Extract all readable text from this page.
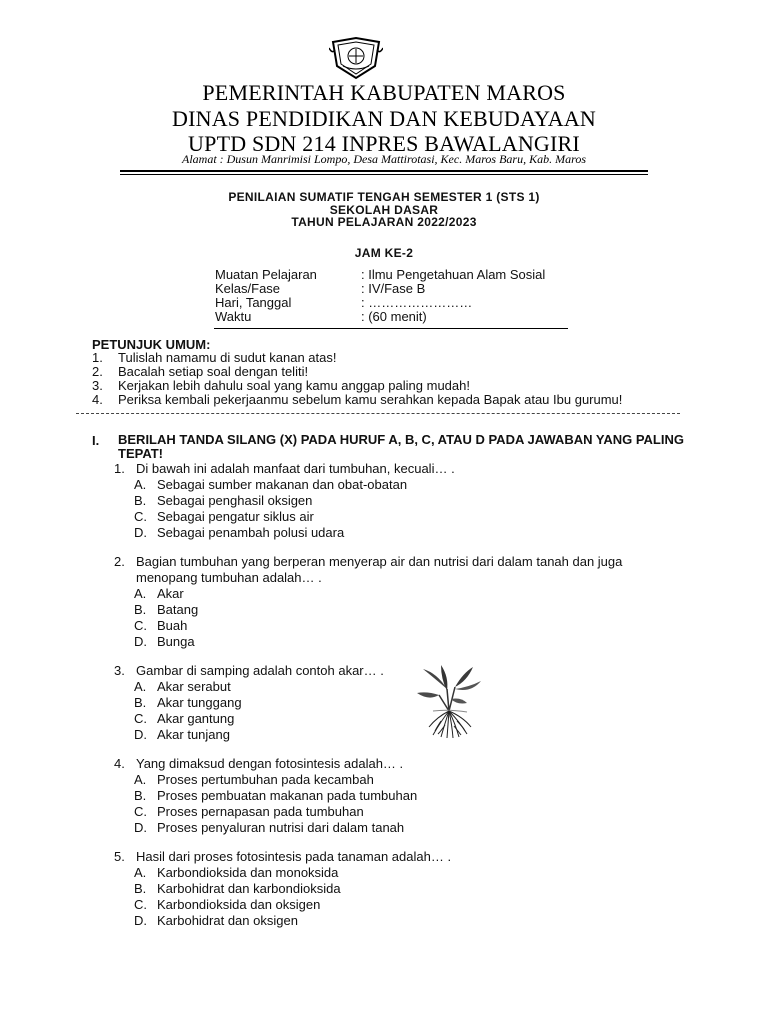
PEMERINTAH KABUPATEN MAROS
DINAS PENDIDIKAN DAN KEBUDAYAAN
UPTD SDN 214 INPRES BAWALANGIRI
Alamat : Dusun Manrimisi Lompo, Desa Mattirotasi, Kec. Maros Baru, Kab. Maros
PENILAIAN SUMATIF TENGAH SEMESTER 1 (STS 1)
SEKOLAH DASAR
TAHUN PELAJARAN 2022/2023
JAM KE-2
Muatan Pelajaran	: Ilmu Pengetahuan Alam Sosial
Kelas/Fase	: IV/Fase B
Hari, Tanggal	: ……………………
Waktu	: (60 menit)
PETUNJUK UMUM:
1. Tulislah namamu di sudut kanan atas!
2. Bacalah setiap soal dengan teliti!
3. Kerjakan lebih dahulu soal yang kamu anggap paling mudah!
4. Periksa kembali pekerjaanmu sebelum kamu serahkan kepada Bapak atau Ibu gurumu!
I. BERILAH TANDA SILANG (X) PADA HURUF A, B, C, ATAU D PADA JAWABAN YANG PALING TEPAT!
1. Di bawah ini adalah manfaat dari tumbuhan, kecuali… .
A. Sebagai sumber makanan dan obat-obatan
B. Sebagai penghasil oksigen
C. Sebagai pengatur siklus air
D. Sebagai penambah polusi udara
2. Bagian tumbuhan yang berperan menyerap air dan nutrisi dari dalam tanah dan juga menopang tumbuhan adalah… .
A. Akar
B. Batang
C. Buah
D. Bunga
3. Gambar di samping adalah contoh akar… .
A. Akar serabut
B. Akar tunggang
C. Akar gantung
D. Akar tunjang
4. Yang dimaksud dengan fotosintesis adalah… .
A. Proses pertumbuhan pada kecambah
B. Proses pembuatan makanan pada tumbuhan
C. Proses pernapasan pada tumbuhan
D. Proses penyaluran nutrisi dari dalam tanah
5. Hasil dari proses fotosintesis pada tanaman adalah… .
A. Karbondioksida dan monoksida
B. Karbohidrat dan karbondioksida
C. Karbondioksida dan oksigen
D. Karbohidrat dan oksigen
